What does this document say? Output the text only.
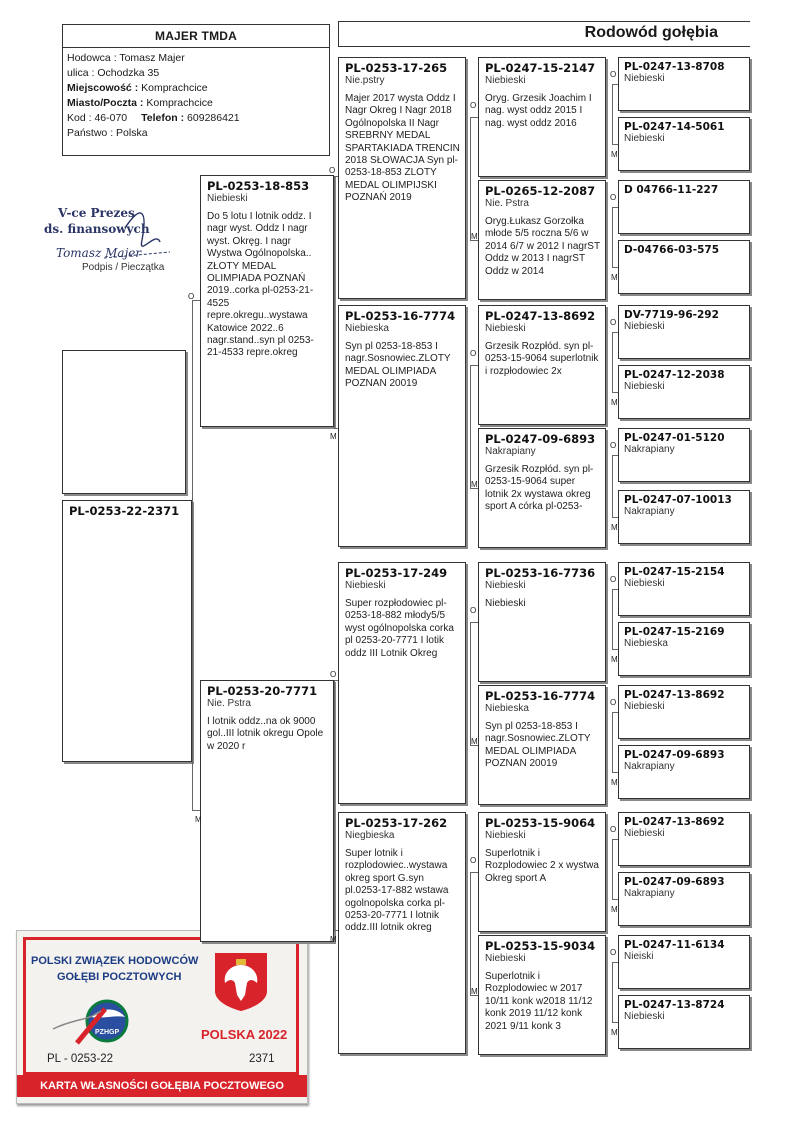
MAJER TMDA
Hodowca : Tomasz Majer
ulica : Ochodzka 35
Miejscowość : Komprachcice
Miasto/Poczta : Komprachcice
Kod : 46-070 Telefon : 609286421
Państwo : Polska
Rodowód gołębia
V-ce Prezes
ds. finansowych
Tomasz Majer
Podpis / Pieczątka
PL-0253-22-2371
POLSKI ZWIĄZEK HODOWCÓW
GOŁĘBI POCZTOWYCH
PZHGP	POLSKA 2022
PL - 0253-22	2371
KARTA WŁASNOŚCI GOŁĘBIA POCZTOWEGO
PL-0253-18-853
Niebieski
Do 5 lotu I lotnik oddz. I nagr wyst. Oddz I nagr wyst. Okręg. I nagr Wystwa Ogólnopolska.. ZŁOTY MEDAL OLIMPIADA POZNAŃ 2019..corka pl-0253-21-4525 repre.okregu..wystawa Katowice 2022..6 nagr.stand..syn pl 0253-21-4533 repre.okreg
PL-0253-20-7771
Nie. Pstra
I lotnik oddz..na ok 9000 gol..III lotnik okregu Opole w 2020 r
O
M
PL-0253-17-265
Nie.pstry
Majer 2017 wysta Oddz I Nagr Okreg I Nagr 2018 Ogólnopolska II Nagr SREBRNY MEDAL SPARTAKIADA TRENCIN 2018 SŁOWACJA Syn pl-0253-18-853 ZLOTY MEDAL OLIMPIJSKI POZNAŃ 2019
PL-0253-16-7774
Niebieska
Syn pl 0253-18-853 I nagr.Sosnowiec.ZLOTY MEDAL OLIMPIADA POZNAN 20019
PL-0253-17-249
Niebieski
Super rozpłodowiec pl-0253-18-882 młody5/5 wyst ogólnopolska corka pl 0253-20-7771 I lotik oddz III Lotnik Okreg
PL-0253-17-262
Niegbieska
Super lotnik i rozplodowiec..wystawa okreg sport G.syn pl.0253-17-882 wstawa ogolnopolska corka pl-0253-20-7771 I lotnik oddz.III lotnik okreg
O
M
O
M
PL-0247-15-2147
Niebieski
Oryg. Grzesik Joachim I nag. wyst oddz 2015 I nag. wyst oddz 2016
PL-0265-12-2087
Nie. Pstra
Oryg.Łukasz Gorzołka młode 5/5 roczna 5/6 w 2014 6/7 w 2012 I nagrST Oddz w 2013 I nagrST Oddz w 2014
PL-0247-13-8692
Niebieski
Grzesik Rozpłód. syn pl-0253-15-9064 superlotnik i rozpłodowiec 2x
PL-0247-09-6893
Nakrapiany
Grzesik Rozpłód. syn pl-0253-15-9064 super lotnik 2x wystawa okreg sport A córka pl-0253-
PL-0253-16-7736
Niebieski
Niebieski
PL-0253-16-7774
Niebieska
Syn pl 0253-18-853 I nagr.Sosnowiec.ZLOTY MEDAL OLIMPIADA POZNAN 20019
PL-0253-15-9064
Niebieski
Superlotnik i Rozplodowiec 2 x wystwa Okreg sport A
PL-0253-15-9034
Niebieski
Superlotnik i Rozplodowiec w 2017 10/11 konk w2018 11/12 konk 2019 11/12 konk 2021 9/11 konk 3
O
M
O
M
O
M
O
M
PL-0247-13-8708
Niebieski
PL-0247-14-5061
Niebieski
D 04766-11-227
D-04766-03-575
DV-7719-96-292
Niebieski
PL-0247-12-2038
Niebieski
PL-0247-01-5120
Nakrapiany
PL-0247-07-10013
Nakrapiany
PL-0247-15-2154
Niebieski
PL-0247-15-2169
Niebieska
PL-0247-13-8692
Niebieski
PL-0247-09-6893
Nakrapiany
PL-0247-13-8692
Niebieski
PL-0247-09-6893
Nakrapiany
PL-0247-11-6134
Nieiski
PL-0247-13-8724
Niebieski
O
M
O
M
O
M
O
M
O
M
O
M
O
M
O
M
